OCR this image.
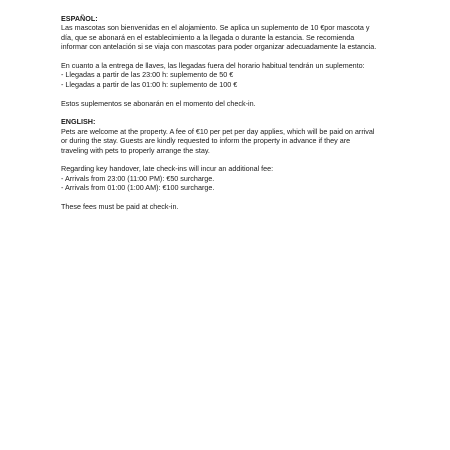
ESPAÑOL:
Las mascotas son bienvenidas en el alojamiento. Se aplica un suplemento de 10 €por mascota y
día, que se abonará en el establecimiento a la llegada o durante la estancia. Se recomienda
informar con antelación si se viaja con mascotas para poder organizar adecuadamente la estancia.
En cuanto a la entrega de llaves, las llegadas fuera del horario habitual tendrán un suplemento:
- Llegadas a partir de las 23:00 h: suplemento de 50 €
- Llegadas a partir de las 01:00 h: suplemento de 100 €
Estos suplementos se abonarán en el momento del check-in.
ENGLISH:
Pets are welcome at the property. A fee of €10 per pet per day applies, which will be paid on arrival
or during the stay. Guests are kindly requested to inform the property in advance if they are
traveling with pets to properly arrange the stay.
Regarding key handover, late check-ins will incur an additional fee:
- Arrivals from 23:00 (11:00 PM): €50 surcharge.
- Arrivals from 01:00 (1:00 AM): €100 surcharge.
These fees must be paid at check-in.
